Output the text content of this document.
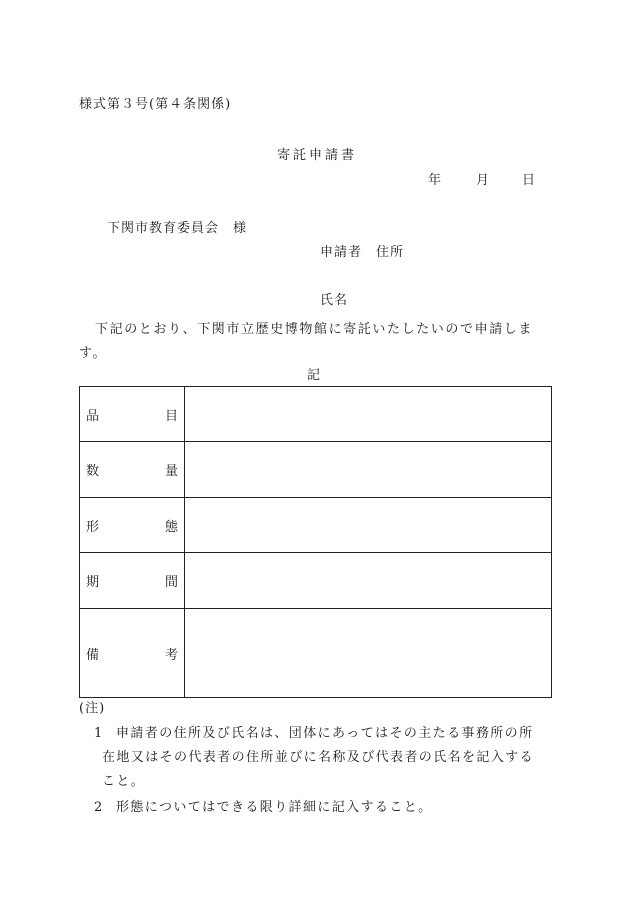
様式第３号(第４条関係)
寄託申請書
年	月 日
下関市教育委員会　様
申請者　住所
氏名
下記のとおり、下関市立歴史博物館に寄託いたしたいので申請します。
記
品 目	

数 量	

形 態	

期 間	

備 考	

(注)
1 申請者の住所及び氏名は、団体にあってはその主たる事務所の所
在地又はその代表者の住所並びに名称及び代表者の氏名を記入すること。
2 形態についてはできる限り詳細に記入すること。
